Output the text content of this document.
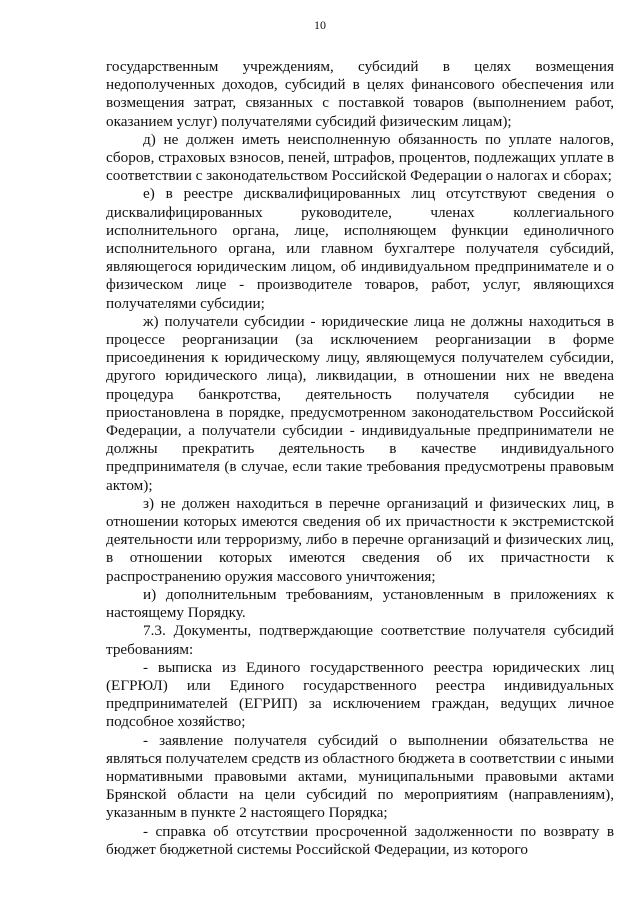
10

государственным учреждениям, субсидий в целях возмещения недополученных доходов, субсидий в целях финансового обеспечения или возмещения затрат, связанных с поставкой товаров (выполнением работ, оказанием услуг) получателями субсидий физическим лицам);

д) не должен иметь неисполненную обязанность по уплате налогов, сборов, страховых взносов, пеней, штрафов, процентов, подлежащих уплате в соответствии с законодательством Российской Федерации о налогах и сборах;

е) в реестре дисквалифицированных лиц отсутствуют сведения о дисквалифицированных руководителе, членах коллегиального исполнительного органа, лице, исполняющем функции единоличного исполнительного органа, или главном бухгалтере получателя субсидий, являющегося юридическим лицом, об индивидуальном предпринимателе и о физическом лице - производителе товаров, работ, услуг, являющихся получателями субсидии;

ж) получатели субсидии - юридические лица не должны находиться в процессе реорганизации (за исключением реорганизации в форме присоединения к юридическому лицу, являющемуся получателем субсидии, другого юридического лица), ликвидации, в отношении них не введена процедура банкротства, деятельность получателя субсидии не приостановлена в порядке, предусмотренном законодательством Российской Федерации, а получатели субсидии - индивидуальные предприниматели не должны прекратить деятельность в качестве индивидуального предпринимателя (в случае, если такие требования предусмотрены правовым актом);

з) не должен находиться в перечне организаций и физических лиц, в отношении которых имеются сведения об их причастности к экстремистской деятельности или терроризму, либо в перечне организаций и физических лиц, в отношении которых имеются сведения об их причастности к распространению оружия массового уничтожения;

и) дополнительным требованиям, установленным в приложениях к настоящему Порядку.

7.3. Документы, подтверждающие соответствие получателя субсидий требованиям:

- выписка из Единого государственного реестра юридических лиц (ЕГРЮЛ) или Единого государственного реестра индивидуальных предпринимателей (ЕГРИП) за исключением граждан, ведущих личное подсобное хозяйство;

- заявление получателя субсидий о выполнении обязательства не являться получателем средств из областного бюджета в соответствии с иными нормативными правовыми актами, муниципальными правовыми актами Брянской области на цели субсидий по мероприятиям (направлениям), указанным в пункте 2 настоящего Порядка;

- справка об отсутствии просроченной задолженности по возврату в бюджет бюджетной системы Российской Федерации, из которого
